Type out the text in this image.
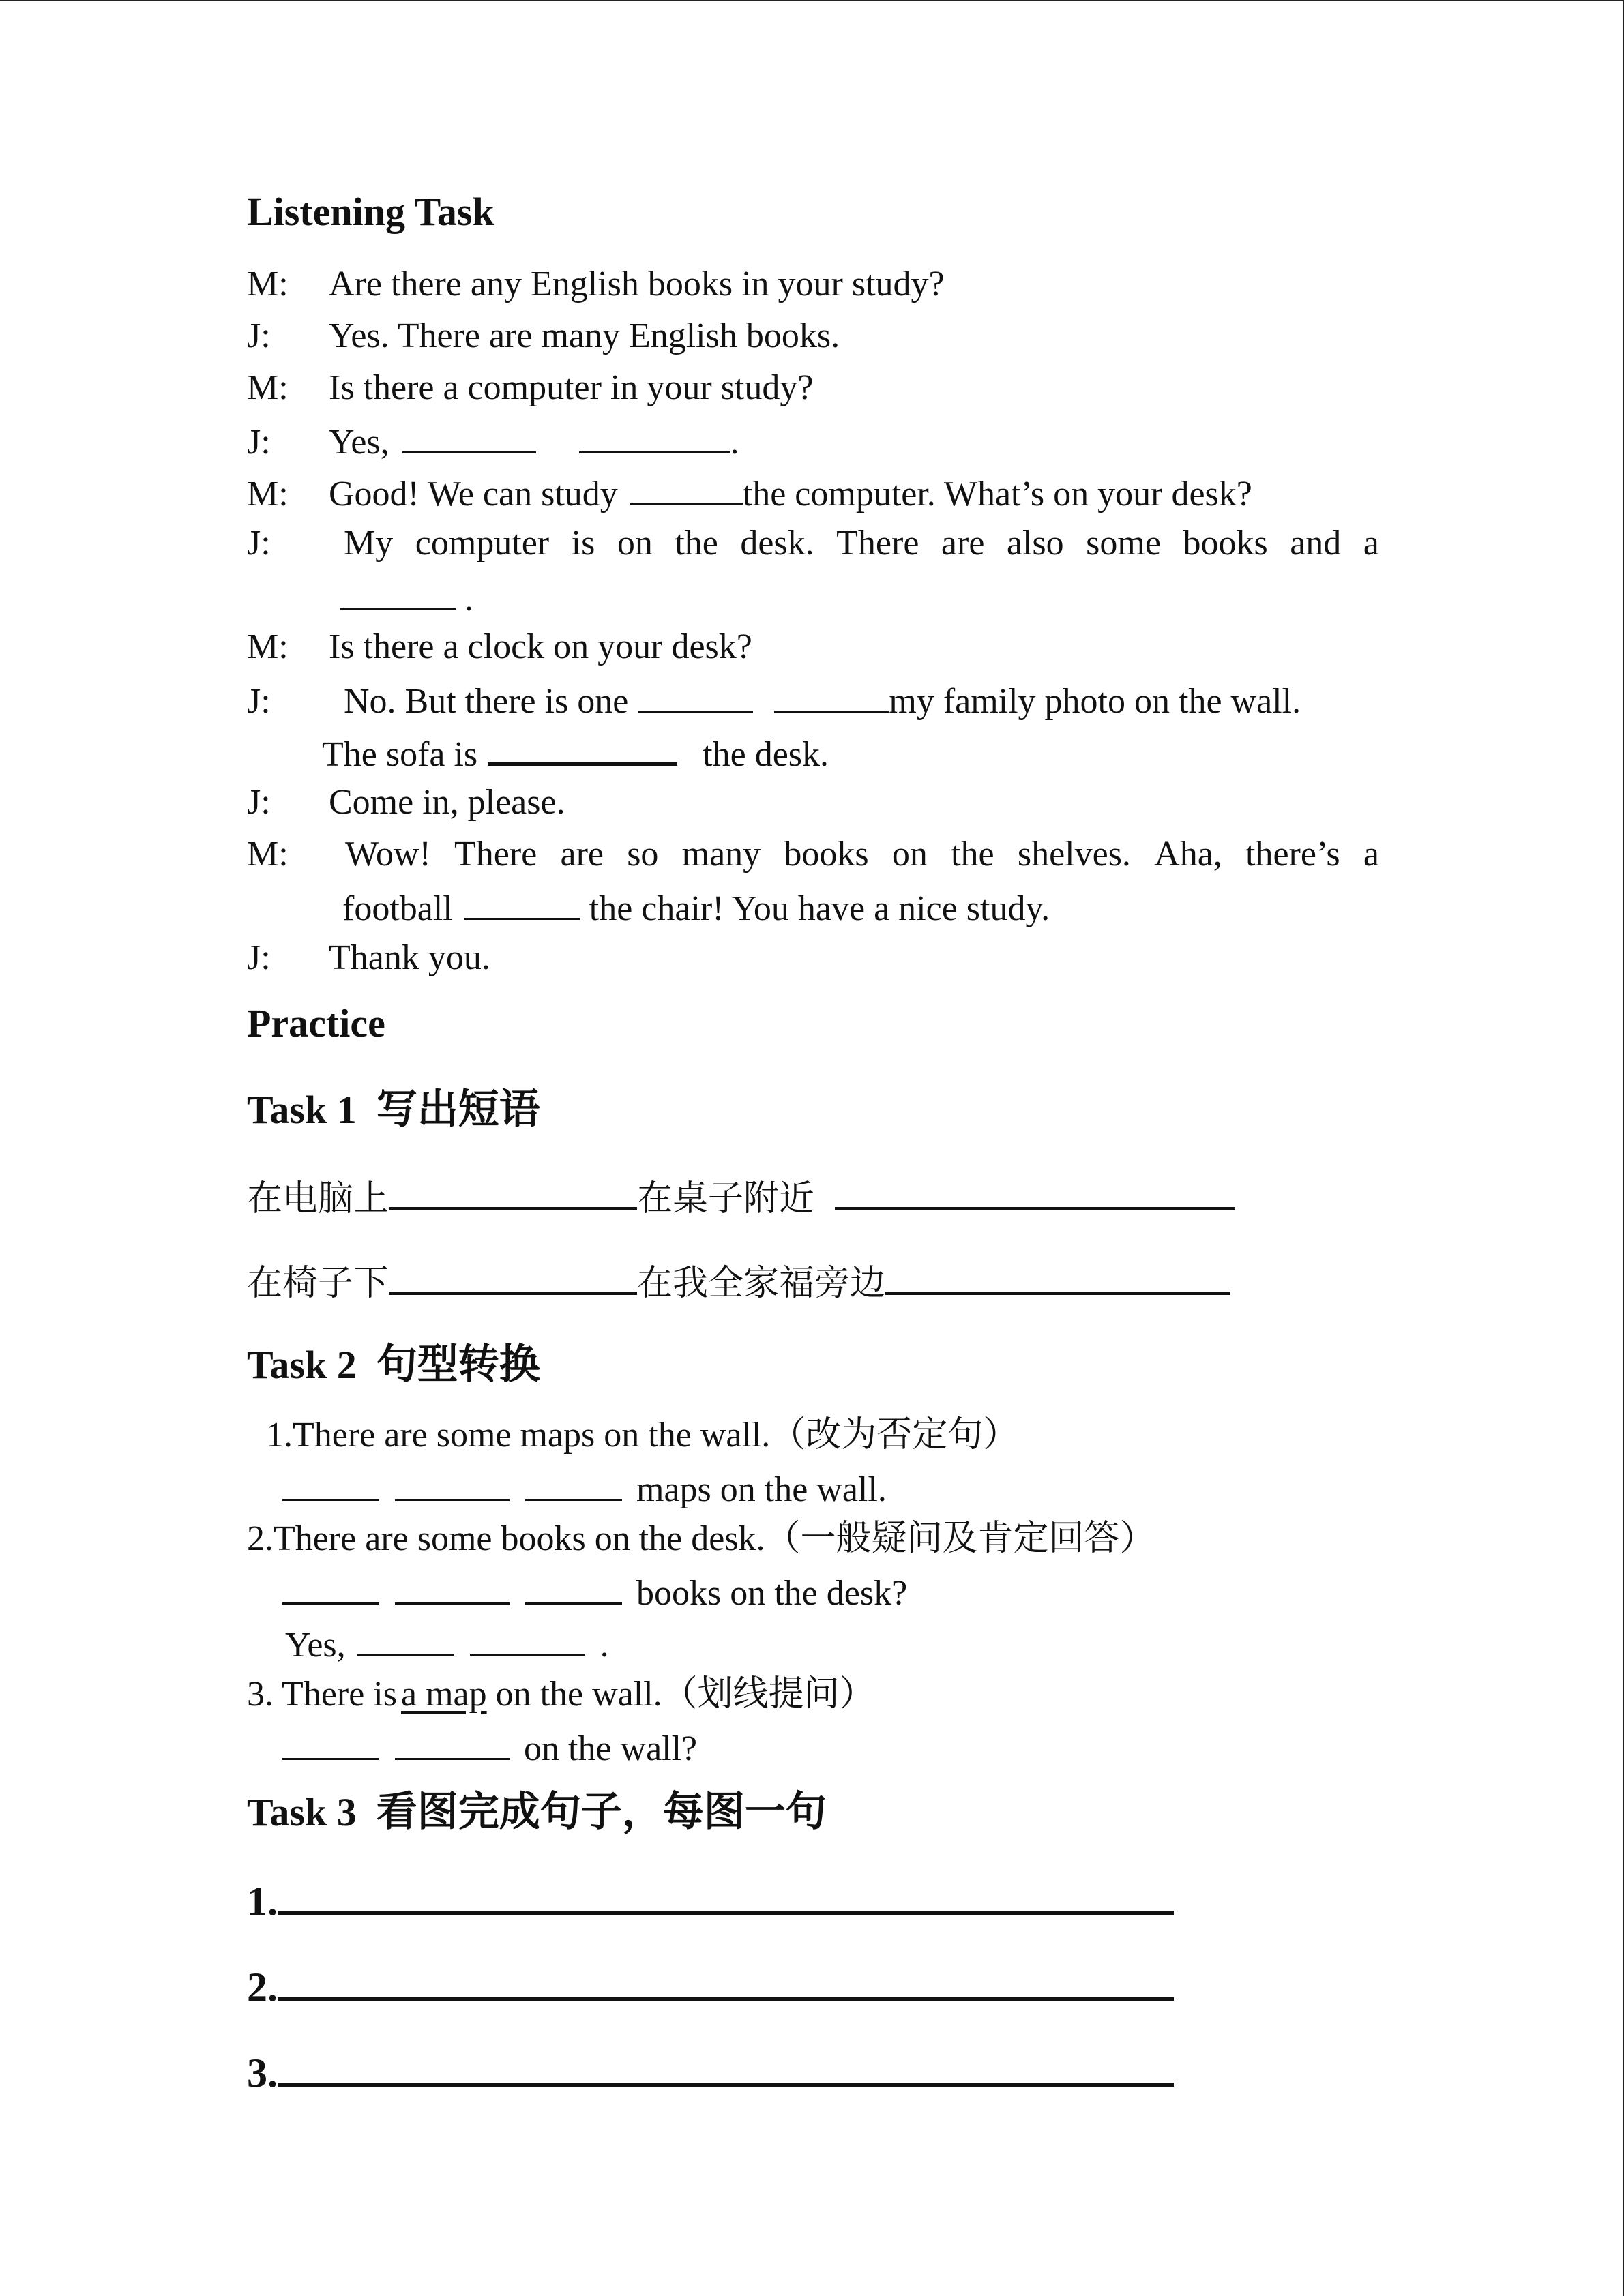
Listening Task
M: Are there any English books in your study?
J: Yes. There are many English books.
M: Is there a computer in your study?
J: Yes,	.
M: Good! We can study	the computer. What’s on your desk?
J:	My computer is on the desk. There are also some books and a
.
M: Is there a clock on your desk?
J: No. But there is one	my family photo on the wall.
The sofa is	the desk.
J: Come in, please.
M:	Wow! There are so many books on the shelves. Aha, there’s a
football	the chair! You have a nice study.
J: Thank you.
Practice
Task 1 写出短语
在电脑上	在桌子附近
在椅子下	在我全家福旁边
Task 2 句型转换
1.There are some maps on the wall.（改为否定句）
maps on the wall.
2.There are some books on the desk.（一般疑问及肯定回答）
books on the desk?
Yes,	.
3. There is a map on the wall.（划线提问）
on the wall?
Task 3 看图完成句子，每图一句
1.
2.
3.
